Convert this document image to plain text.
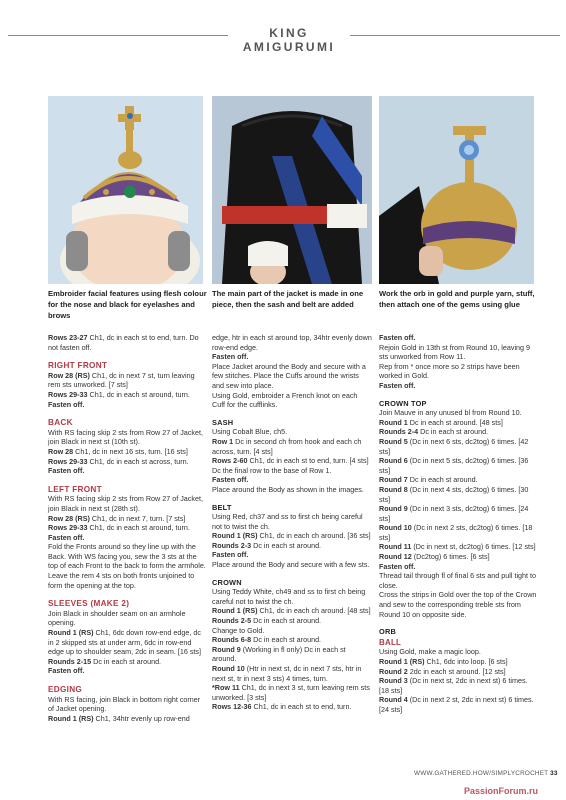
KING AMIGURUMI
Embroider facial features using flesh colour for the nose and black for eyelashes and brows
The main part of the jacket is made in one piece, then the sash and belt are added
Work the orb in gold and purple yarn, stuff, then attach one of the gems using glue

Rows 23-27 Ch1, dc in each st to end, turn. Do not fasten off.

RIGHT FRONT

Row 28 (RS) Ch1, dc in next 7 st, turn leaving rem sts unworked. [7 sts]

Rows 29-33 Ch1, dc in each st around, turn.

Fasten off.

BACK

With RS facing skip 2 sts from Row 27 of Jacket, join Black in next st (10th st).

Row 28 Ch1, dc in next 16 sts, turn. [16 sts]

Rows 29-33 Ch1, dc in each st across, turn.

Fasten off.

LEFT FRONT

With RS facing skip 2 sts from Row 27 of Jacket, join Black in next st (28th st).

Row 28 (RS) Ch1, dc in next 7, turn. [7 sts]

Rows 29-33 Ch1, dc in each st around, turn.

Fasten off.

Fold the Fronts around so they line up with the Back. With WS facing you, sew the 3 sts at the top of each Front to the back to form the armhole. Leave the rem 4 sts on both fronts unjoined to form the opening at the top.

SLEEVES (MAKE 2)

Join Black in shoulder seam on an armhole opening.

Round 1 (RS) Ch1, 6dc down row-end edge, dc in 2 skipped sts at under arm, 6dc in row-end edge up to shoulder seam, 2dc in seam. [16 sts]

Rounds 2-15 Dc in each st around.

Fasten off.

EDGING

With RS facing, join Black in bottom right corner of Jacket opening.

Round 1 (RS) Ch1, 34htr evenly up row-end

edge, htr in each st around top, 34htr evenly down row-end edge.

Fasten off.

Place Jacket around the Body and secure with a few stitches. Place the Cuffs around the wrists and sew into place.

Using Gold, embroider a French knot on each Cuff for the cufflinks.

SASH

Using Cobalt Blue, ch5.

Row 1 Dc in second ch from hook and each ch across, turn. [4 sts]

Rows 2-60 Ch1, dc in each st to end, turn. [4 sts] Dc the final row to the base of Row 1.

Fasten off.

Place around the Body as shown in the images.

BELT

Using Red, ch37 and ss to first ch being careful not to twist the ch.

Round 1 (RS) Ch1, dc in each ch around. [36 sts]

Rounds 2-3 Dc in each st around.

Fasten off.

Place around the Body and secure with a few sts.

CROWN

Using Teddy White, ch49 and ss to first ch being careful not to twist the ch.

Round 1 (RS) Ch1, dc in each ch around. [48 sts]

Rounds 2-5 Dc in each st around.

Change to Gold.

Rounds 6-8 Dc in each st around.

Round 9 (Working in fl only) Dc in each st around.

Round 10 (Htr in next st, dc in next 7 sts, htr in next st, tr in next 3 sts) 4 times, turn.

*Row 11 Ch1, dc in next 3 st, turn leaving rem sts unworked. [3 sts]

Rows 12-36 Ch1, dc in each st to end, turn.

Fasten off.

Rejoin Gold in 13th st from Round 10, leaving 9 sts unworked from Row 11.

Rep from * once more so 2 strips have been worked in Gold.

Fasten off.

CROWN TOP

Join Mauve in any unused bl from Round 10.

Round 1 Dc in each st around. [48 sts]

Rounds 2-4 Dc in each st around.

Round 5 (Dc in next 6 sts, dc2tog) 6 times. [42 sts]

Round 6 (Dc in next 5 sts, dc2tog) 6 times. [36 sts]

Round 7 Dc in each st around.

Round 8 (Dc in next 4 sts, dc2tog) 6 times. [30 sts]

Round 9 (Dc in next 3 sts, dc2tog) 6 times. [24 sts]

Round 10 (Dc in next 2 sts, dc2tog) 6 times. [18 sts]

Round 11 (Dc in next st, dc2tog) 6 times. [12 sts]

Round 12 (Dc2tog) 6 times. [6 sts]

Fasten off.

Thread tail through fl of final 6 sts and pull tight to close.

Cross the strips in Gold over the top of the Crown and sew to the corresponding treble sts from Round 10 on opposite side.

ORB

BALL

Using Gold, make a magic loop.

Round 1 (RS) Ch1, 6dc into loop. [6 sts]

Round 2 2dc in each st around. [12 sts]

Round 3 (Dc in next st, 2dc in next st) 6 times. [18 sts]

Round 4 (Dc in next 2 st, 2dc in next st) 6 times. [24 sts]

WWW.GATHERED.HOW/SIMPLYCROCHET 33
PassionForum.ru
